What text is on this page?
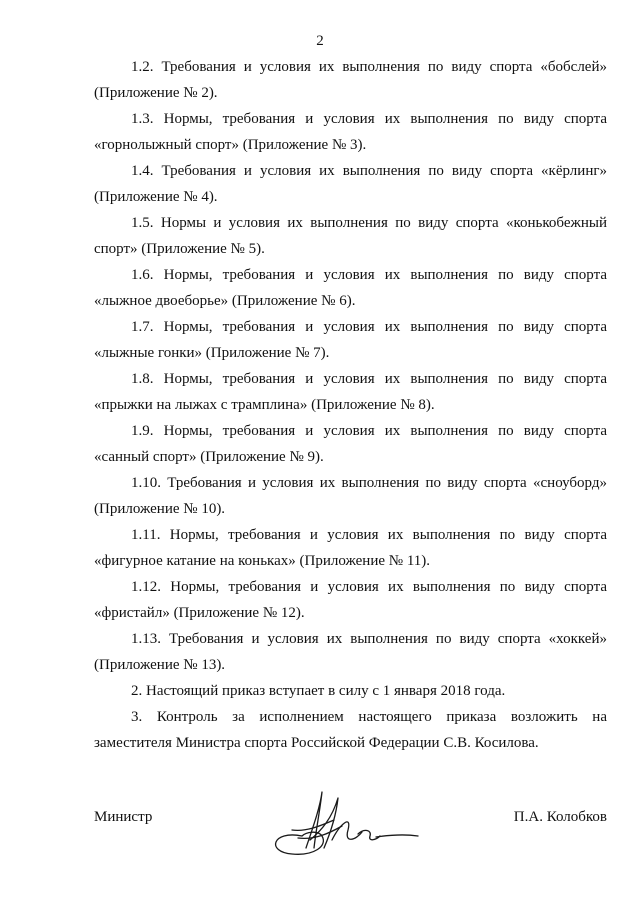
2

1.2. Требования и условия их выполнения по виду спорта «бобслей» (Приложение № 2).

1.3. Нормы, требования и условия их выполнения по виду спорта «горнолыжный спорт» (Приложение № 3).

1.4. Требования и условия их выполнения по виду спорта «кёрлинг» (Приложение № 4).

1.5. Нормы и условия их выполнения по виду спорта «конькобежный спорт» (Приложение № 5).

1.6. Нормы, требования и условия их выполнения по виду спорта «лыжное двоеборье» (Приложение № 6).

1.7. Нормы, требования и условия их выполнения по виду спорта «лыжные гонки» (Приложение № 7).

1.8. Нормы, требования и условия их выполнения по виду спорта «прыжки на лыжах с трамплина» (Приложение № 8).

1.9. Нормы, требования и условия их выполнения по виду спорта «санный спорт» (Приложение № 9).

1.10. Требования и условия их выполнения по виду спорта «сноуборд» (Приложение № 10).

1.11. Нормы, требования и условия их выполнения по виду спорта «фигурное катание на коньках» (Приложение № 11).

1.12. Нормы, требования и условия их выполнения по виду спорта «фристайл» (Приложение № 12).

1.13. Требования и условия их выполнения по виду спорта «хоккей» (Приложение № 13).

2. Настоящий приказ вступает в силу с 1 января 2018 года.

3. Контроль за исполнением настоящего приказа возложить на заместителя Министра спорта Российской Федерации С.В. Косилова.

Министр	П.А. Колобков
